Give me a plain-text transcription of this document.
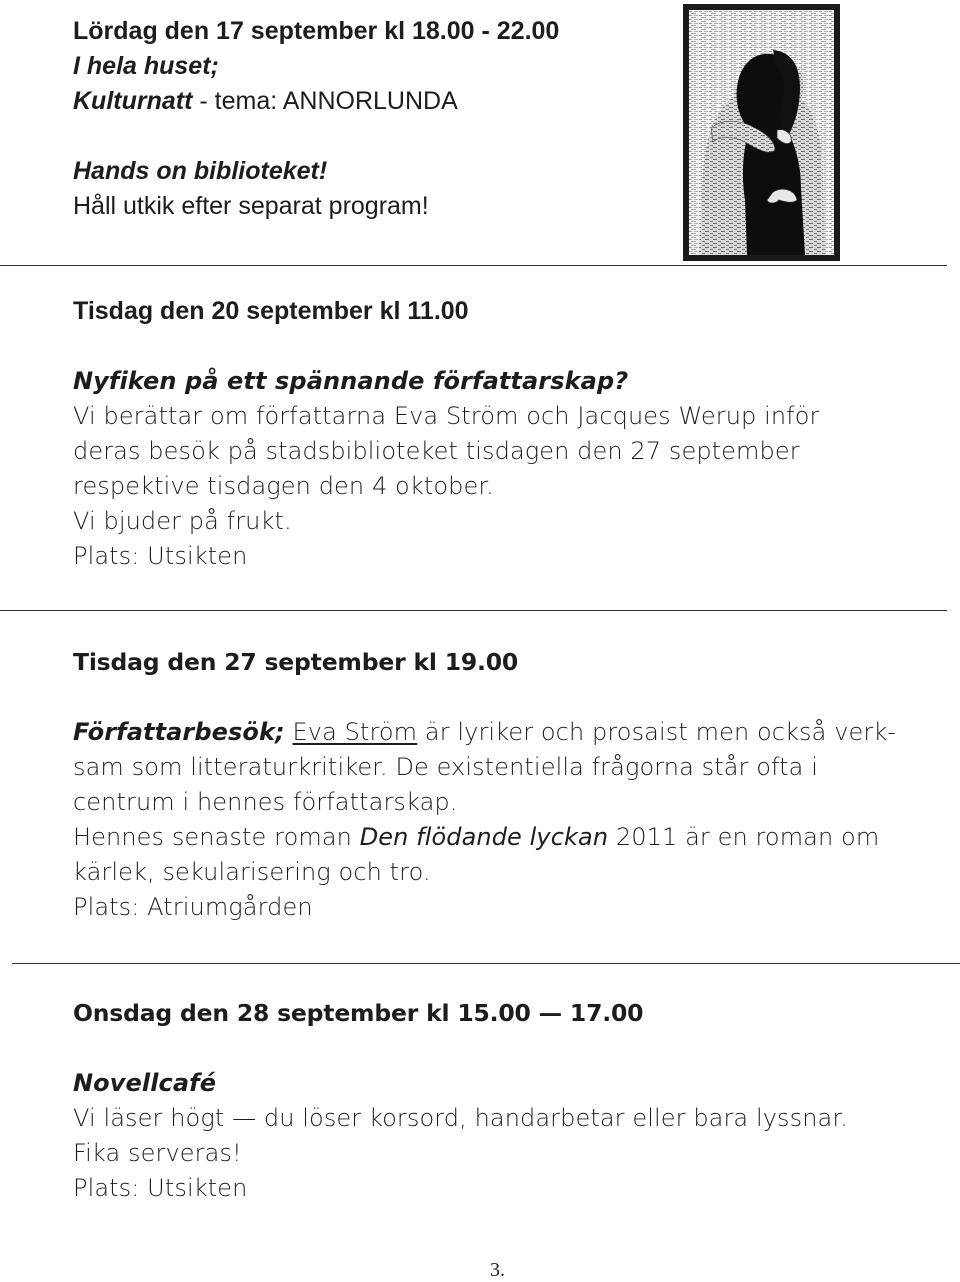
Lördag den 17 september kl 18.00 - 22.00
I hela huset;
Kulturnatt - tema: ANNORLUNDA

Hands on biblioteket!
Håll utkik efter separat program!
Tisdag den 20 september kl 11.00
Nyfiken på ett spännande författarskap?
Vi berättar om författarna Eva Ström och Jacques Werup inför
deras besök på stadsbiblioteket tisdagen den 27 september
respektive tisdagen den 4 oktober.
Vi bjuder på frukt.
Plats: Utsikten
Tisdag den 27 september kl 19.00
Författarbesök; Eva Ström är lyriker och prosaist men också verk-
sam som litteraturkritiker. De existentiella frågorna står ofta i
centrum i hennes författarskap.
Hennes senaste roman Den flödande lyckan 2011 är en roman om
kärlek, sekularisering och tro.
Plats: Atriumgården
Onsdag den 28 september kl 15.00 — 17.00
Novellcafé
Vi läser högt — du löser korsord, handarbetar eller bara lyssnar.
Fika serveras!
Plats: Utsikten
3.
